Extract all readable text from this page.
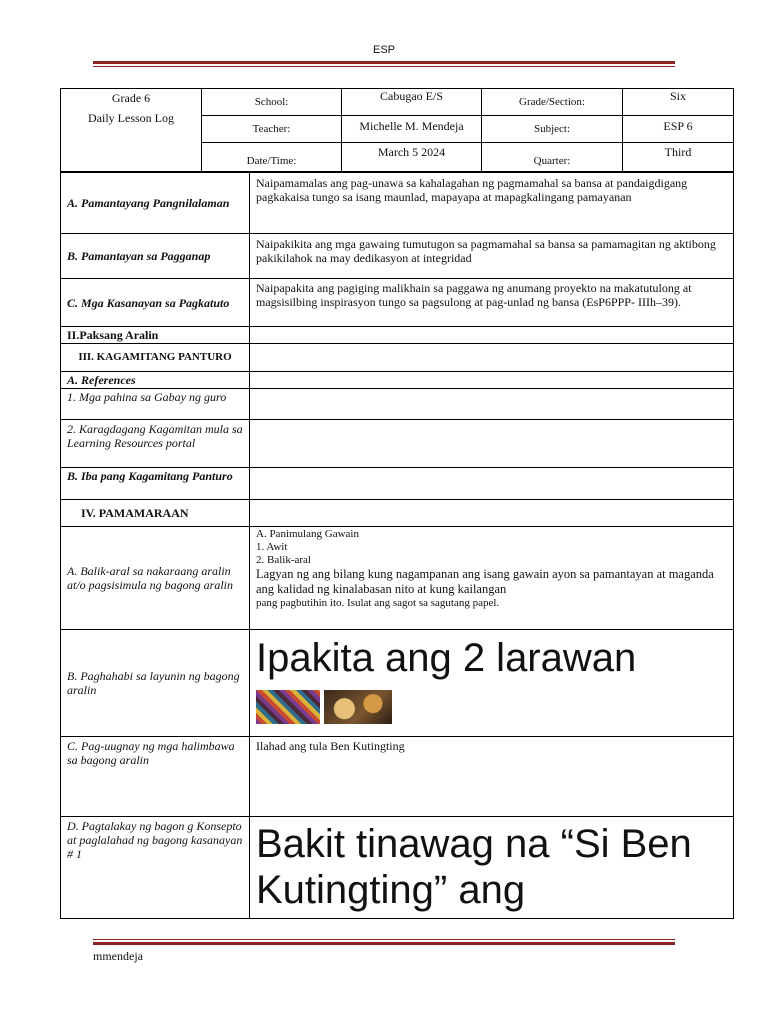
ESP
Grade 6
Daily Lesson Log	School:	Cabugao E/S	Grade/Section:	Six
	Teacher:	Michelle M. Mendeja	Subject:	ESP 6
	Date/Time:	March 5 2024	Quarter:	Third
A. Pamantayang Pangnilalaman	Naipamamalas ang pag-unawa sa kahalagahan ng pagmamahal sa bansa at pandaigdigang pagkakaisa tungo sa isang maunlad, mapayapa at mapagkalingang pamayanan
B. Pamantayan sa Pagganap	Naipakikita ang mga gawaing tumutugon sa pagmamahal sa bansa sa pamamagitan ng aktibong pakikilahok na may dedikasyon at integridad
C. Mga Kasanayan sa Pagkatuto	Naipapakita ang pagiging malikhain sa paggawa ng anumang proyekto na makatutulong at magsisilbing inspirasyon tungo sa pagsulong at pag-unlad ng bansa (EsP6PPP- IIIh–39).
II.Paksang Aralin	
III. KAGAMITANG PANTURO	
A. References	
1. Mga pahina sa Gabay ng guro	
2. Karagdagang Kagamitan mula sa Learning Resources portal	
B. Iba pang Kagamitang Panturo	
IV. PAMAMARAAN	
A. Balik-aral sa nakaraang aralin at/o pagsisimula ng bagong aralin	A. Panimulang Gawain
1. Awit
2. Balik-aral
Lagyan ng ang bilang kung nagampanan ang isang gawain ayon sa pamantayan at maganda ang kalidad ng kinalabasan nito at kung kailangan
pang pagbutihin ito. Isulat ang sagot sa sagutang papel.

B. Paghahabi sa layunin ng bagong aralin	Ipakita ang 2 larawan

C. Pag-uugnay ng mga halimbawa sa bagong aralin	Ilahad ang tula Ben Kutingting
D. Pagtalakay ng bagon g Konsepto at paglalahad ng bagong kasanayan # 1	Bakit tinawag na “Si Ben Kutingting” ang
mmendeja
